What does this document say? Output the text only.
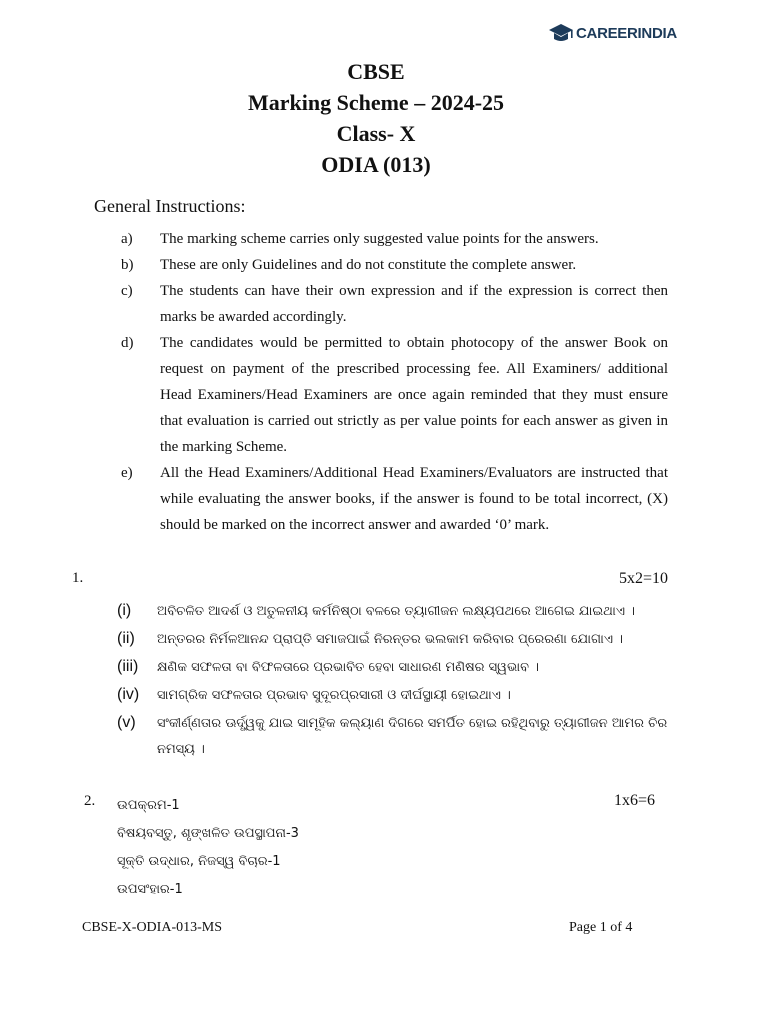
CAREERINDIA

CBSE

Marking Scheme – 2024-25

Class- X

ODIA (013)

General Instructions:
a)	The marking scheme carries only suggested value points for the answers.
b)	These are only Guidelines and do not constitute the complete answer.
c)	The students can have their own expression and if the expression is correct then marks be awarded accordingly.
d)	The candidates would be permitted to obtain photocopy of the answer Book on request on payment of the prescribed processing fee. All Examiners/ additional Head Examiners/Head Examiners are once again reminded that they must ensure that evaluation is carried out strictly as per value points for each answer as given in the marking Scheme.
e)	All the Head Examiners/Additional Head Examiners/Evaluators are instructed that while evaluating the answer books, if the answer is found to be total incorrect, (X) should be marked on the incorrect answer and awarded ‘0’ mark.
1.	5x2=10
(i)	ଅବିଚଳିତ ଆଦର୍ଶ ଓ ଅତୁଳନୀୟ କର୍ମନିଷ୍ଠା ବଳରେ ତ୍ୟାଗୀଜନ ଲକ୍ଷ୍ୟପଥରେ ଆଗେଇ ଯାଇଥାଏ ।
(ii)	ଅନ୍ତରର ନିର୍ମଳଆନନ୍ଦ ପ୍ରାପ୍ତି ସମାଜପାଇଁ ନିରନ୍ତର ଭଲକାମ କରିବାର ପ୍ରେରଣା ଯୋଗାଏ ।
(iii)	କ୍ଷଣିକ ସଫଳତା ବା ବିଫଳତାରେ ପ୍ରଭାବିତ ହେବା ସାଧାରଣ ମଣିଷର ସ୍ୱଭାବ ।
(iv)	ସାମଗ୍ରିକ ସଫଳତାର ପ୍ରଭାବ ସୁଦୂରପ୍ରସାରୀ ଓ ଦୀର୍ଘସ୍ଥାୟୀ ହୋଇଥାଏ ।
(v)	ସଂକୀର୍ଣ୍ଣତାର ଊର୍ଦ୍ଧ୍ୱକୁ ଯାଇ ସାମୂହିକ କଲ୍ୟାଣ ଦିଗରେ ସମର୍ପିତ ହୋଇ ରହିଥିବାରୁ ତ୍ୟାଗୀଜନ ଆମର ଚିର
ନମସ୍ୟ ।
2.	1x6=6
ଉପକ୍ରମ-1
ବିଷୟବସ୍ତୁ, ଶୃଙ୍ଖଳିତ ଉପସ୍ଥାପନା-3
ସୂକ୍ତି ଉଦ୍ଧାର, ନିଜସ୍ୱ ବିଚାର-1
ଉପସଂହାର-1
CBSE-X-ODIA-013-MS	Page 1 of 4
